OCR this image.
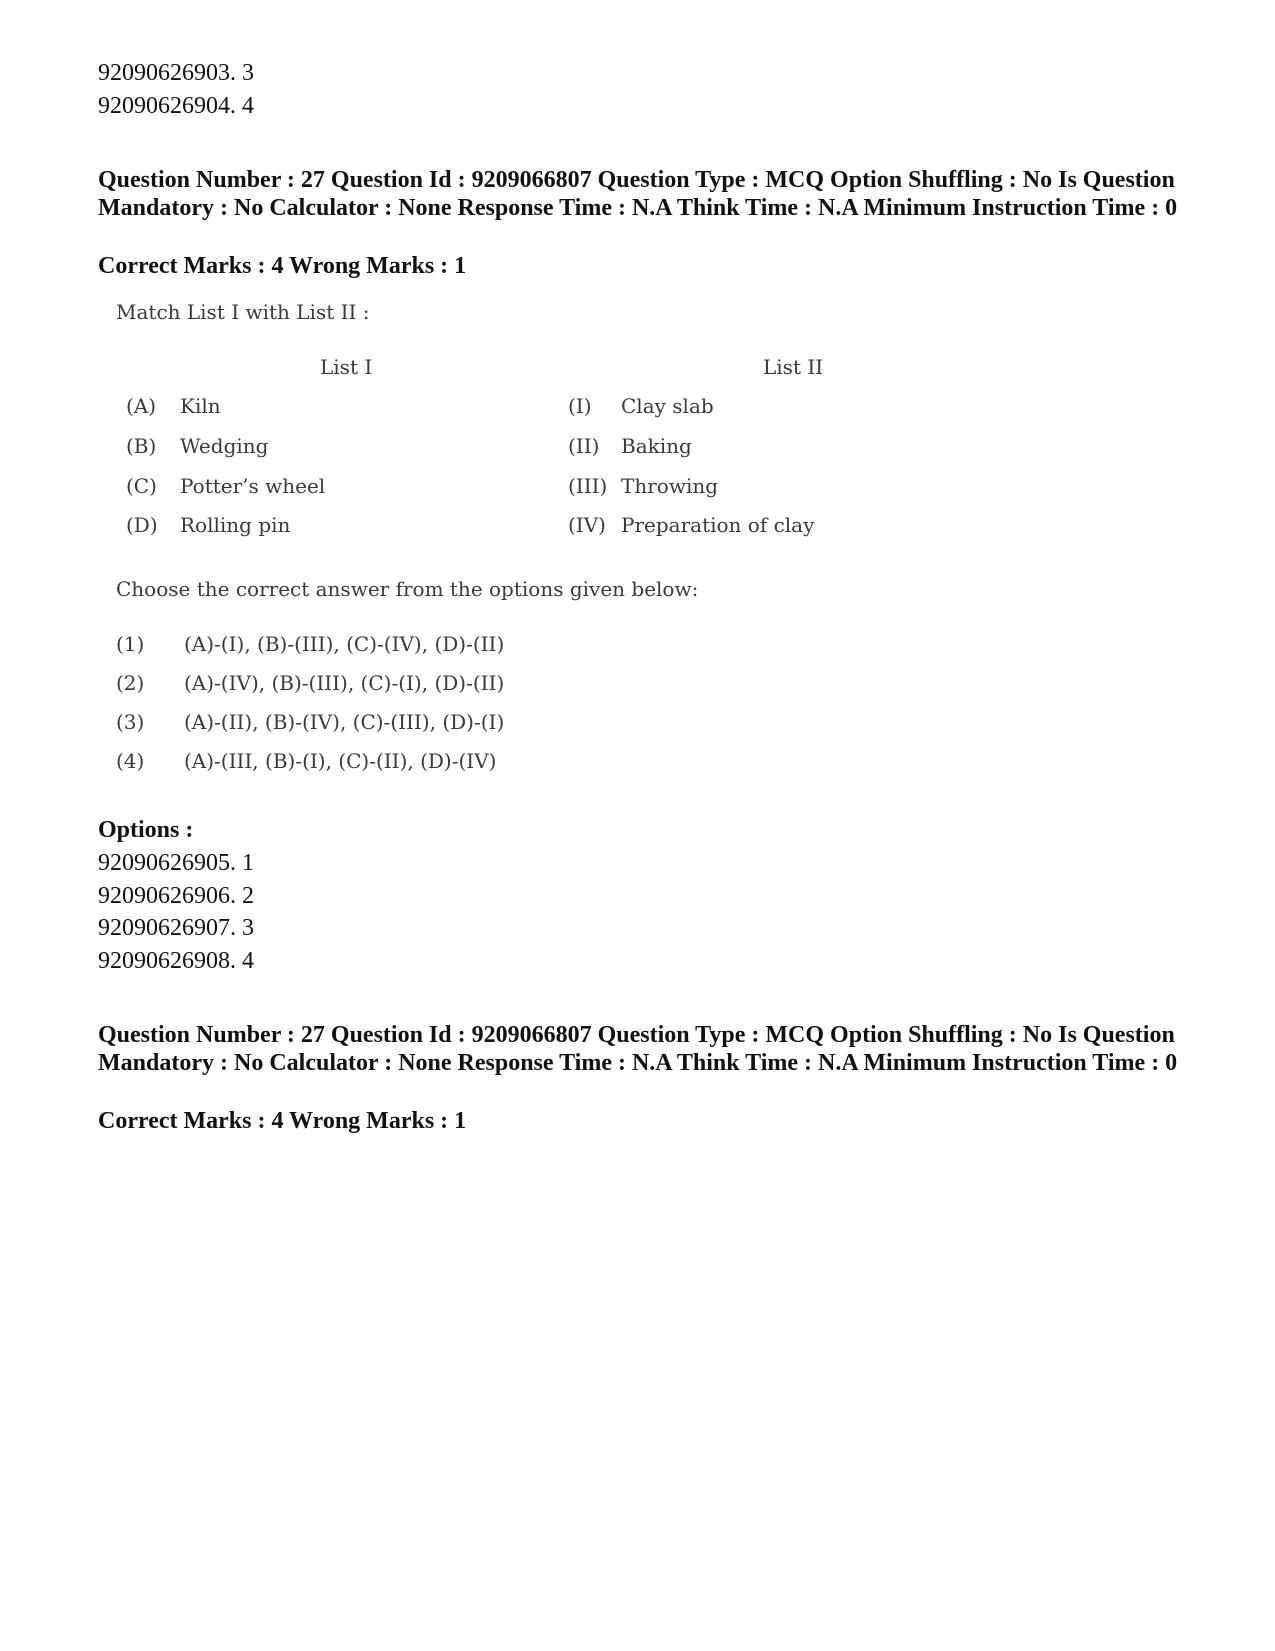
92090626903. 3
92090626904. 4
Question Number : 27 Question Id : 9209066807 Question Type : MCQ Option Shuffling : No Is Question Mandatory : No Calculator : None Response Time : N.A Think Time : N.A Minimum Instruction Time : 0
Correct Marks : 4 Wrong Marks : 1
Match List I with List II :
List I	List II
(A) Kiln
(B) Wedging
(C) Potter’s wheel
(D) Rolling pin
(I) Clay slab
(II) Baking
(III) Throwing
(IV) Preparation of clay
Choose the correct answer from the options given below:
(1) (A)-(I), (B)-(III), (C)-(IV), (D)-(II)
(2) (A)-(IV), (B)-(III), (C)-(I), (D)-(II)
(3) (A)-(II), (B)-(IV), (C)-(III), (D)-(I)
(4) (A)-(III, (B)-(I), (C)-(II), (D)-(IV)
Options :
92090626905. 1
92090626906. 2
92090626907. 3
92090626908. 4
Question Number : 27 Question Id : 9209066807 Question Type : MCQ Option Shuffling : No Is Question Mandatory : No Calculator : None Response Time : N.A Think Time : N.A Minimum Instruction Time : 0
Correct Marks : 4 Wrong Marks : 1
